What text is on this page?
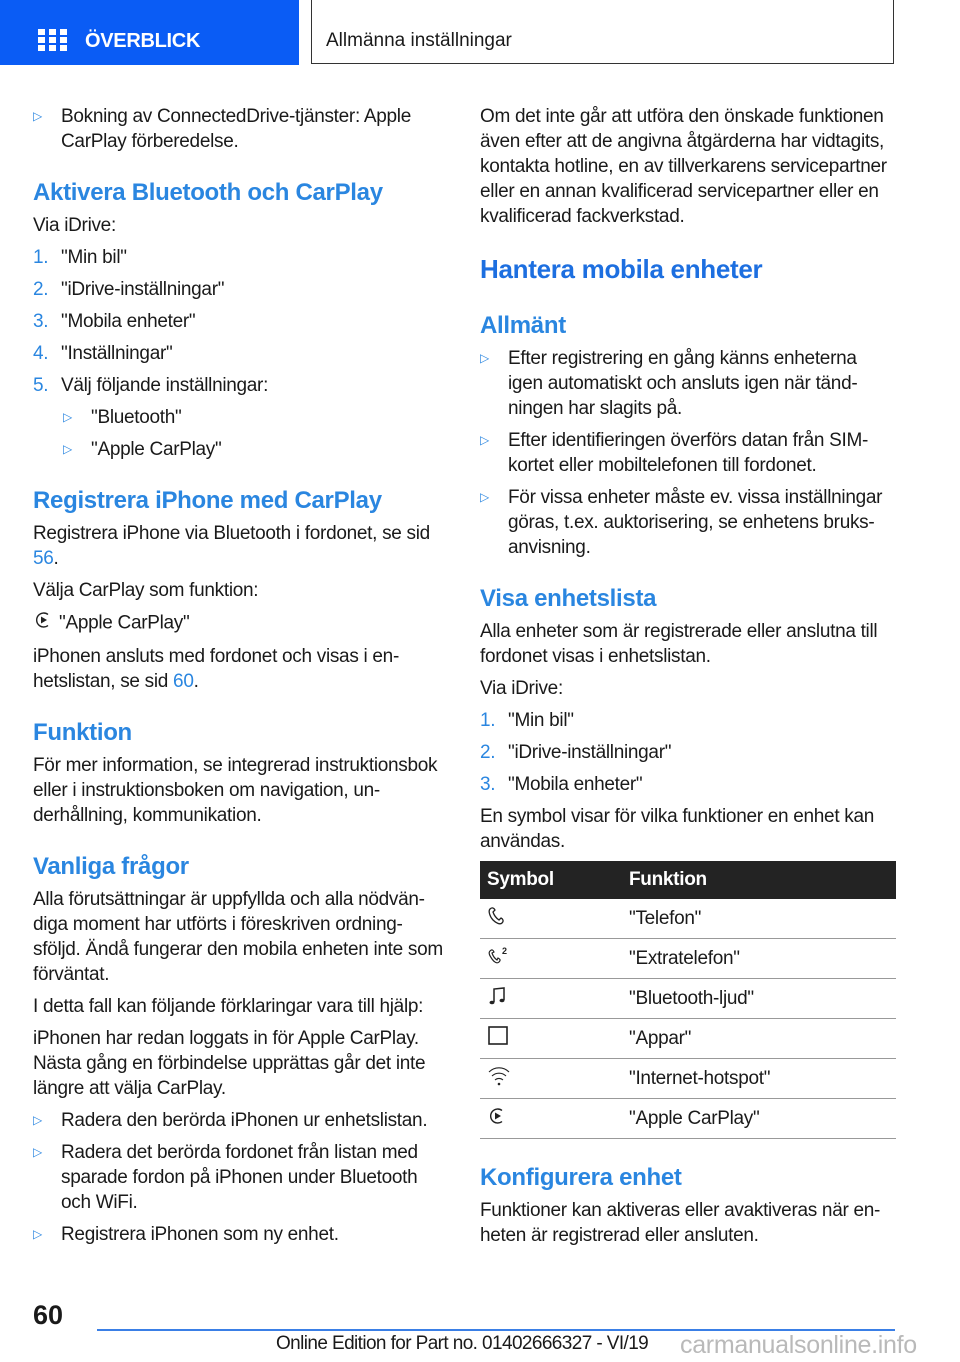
ÖVERBLICK	Allmänna inställningar
▷	Bokning av ConnectedDrive-tjänster: Apple CarPlay förberedelse.
Aktivera Bluetooth och CarPlay
Via iDrive:
1. "Min bil"
2. "iDrive-inställningar"
3. "Mobila enheter"
4. "Inställningar"
5. Välj följande inställningar:
▷	"Bluetooth"
▷	"Apple CarPlay"
Registrera iPhone med CarPlay
Registrera iPhone via Bluetooth i fordonet, se sid 56.
Välja CarPlay som funktion:
"Apple CarPlay"
iPhonen ansluts med fordonet och visas i enhetslistan, se sid 60.
Funktion
För mer information, se integrerad instruktionsbok eller i instruktionsboken om navigation, underhållning, kommunikation.
Vanliga frågor
Alla förutsättningar är uppfyllda och alla nödvändiga moment har utförts i föreskriven ordningsföljd. Ändå fungerar den mobila enheten inte som förväntat.
I detta fall kan följande förklaringar vara till hjälp:
iPhonen har redan loggats in för Apple CarPlay. Nästa gång en förbindelse upprättas går det inte längre att välja CarPlay.
▷	Radera den berörda iPhonen ur enhetslistan.
▷	Radera det berörda fordonet från listan med sparade fordon på iPhonen under Bluetooth och WiFi.
▷	Registrera iPhonen som ny enhet.
Om det inte går att utföra den önskade funktionen även efter att de angivna åtgärderna har vidtagits, kontakta hotline, en av tillverkarens servicepartner eller en annan kvalificerad servicepartner eller en kvalificerad fackverkstad.
Hantera mobila enheter
Allmänt
▷	Efter registrering en gång känns enheterna igen automatiskt och ansluts igen när tändningen har slagits på.
▷	Efter identifieringen överförs datan från SIM-kortet eller mobiltelefonen till fordonet.
▷	För vissa enheter måste ev. vissa inställningar göras, t.ex. auktorisering, se enhetens bruksanvisning.
Visa enhetslista
Alla enheter som är registrerade eller anslutna till fordonet visas i enhetslistan.
Via iDrive:
1. "Min bil"
2. "iDrive-inställningar"
3. "Mobila enheter"
En symbol visar för vilka funktioner en enhet kan användas.
Symbol	Funktion
	"Telefon"

2	"Extratelefon"
	"Bluetooth-ljud"
	"Appar"
	"Internet-hotspot"
	"Apple CarPlay"
Konfigurera enhet
Funktioner kan aktiveras eller avaktiveras när enheten är registrerad eller ansluten.
60
Online Edition for Part no. 01402666327 - VI/19 carmanualsonline.info
